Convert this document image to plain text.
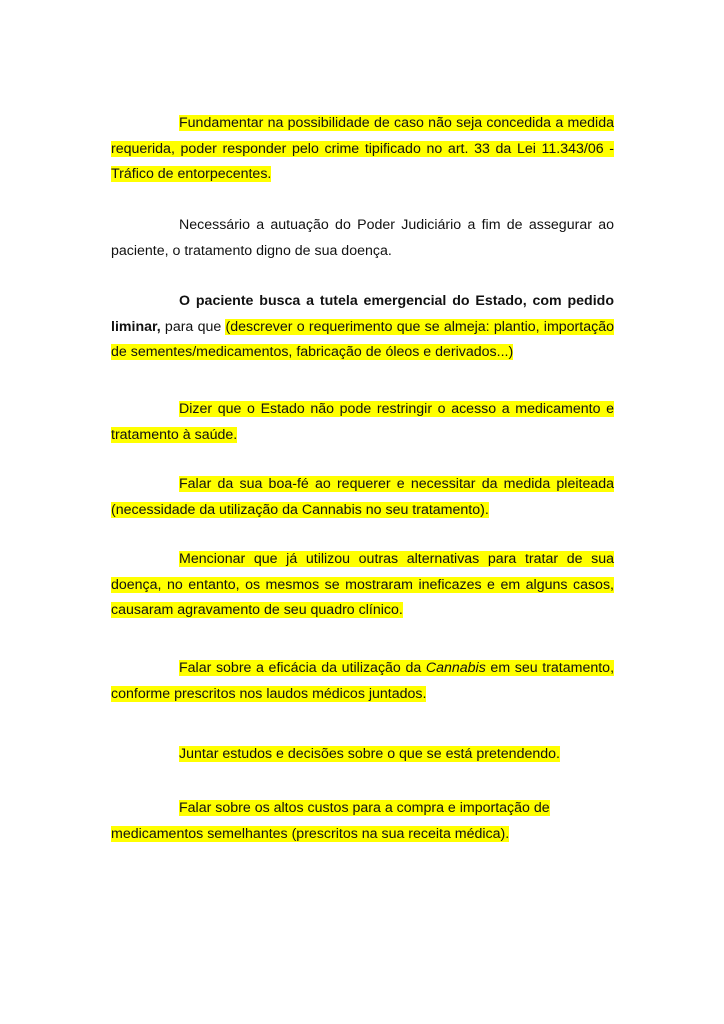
Fundamentar na possibilidade de caso não seja concedida a medida requerida, poder responder pelo crime tipificado no art. 33 da Lei 11.343/06 - Tráfico de entorpecentes.

Necessário a autuação do Poder Judiciário a fim de assegurar ao paciente, o tratamento digno de sua doença.

O paciente busca a tutela emergencial do Estado, com pedido liminar, para que (descrever o requerimento que se almeja: plantio, importação de sementes/medicamentos, fabricação de óleos e derivados...)

Dizer que o Estado não pode restringir o acesso a medicamento e tratamento à saúde.

Falar da sua boa-fé ao requerer e necessitar da medida pleiteada (necessidade da utilização da Cannabis no seu tratamento).

Mencionar que já utilizou outras alternativas para tratar de sua doença, no entanto, os mesmos se mostraram ineficazes e em alguns casos, causaram agravamento de seu quadro clínico.

Falar sobre a eficácia da utilização da Cannabis em seu tratamento, conforme prescritos nos laudos médicos juntados.

Juntar estudos e decisões sobre o que se está pretendendo.

Falar sobre os altos custos para a compra e importação de
medicamentos semelhantes (prescritos na sua receita médica).
